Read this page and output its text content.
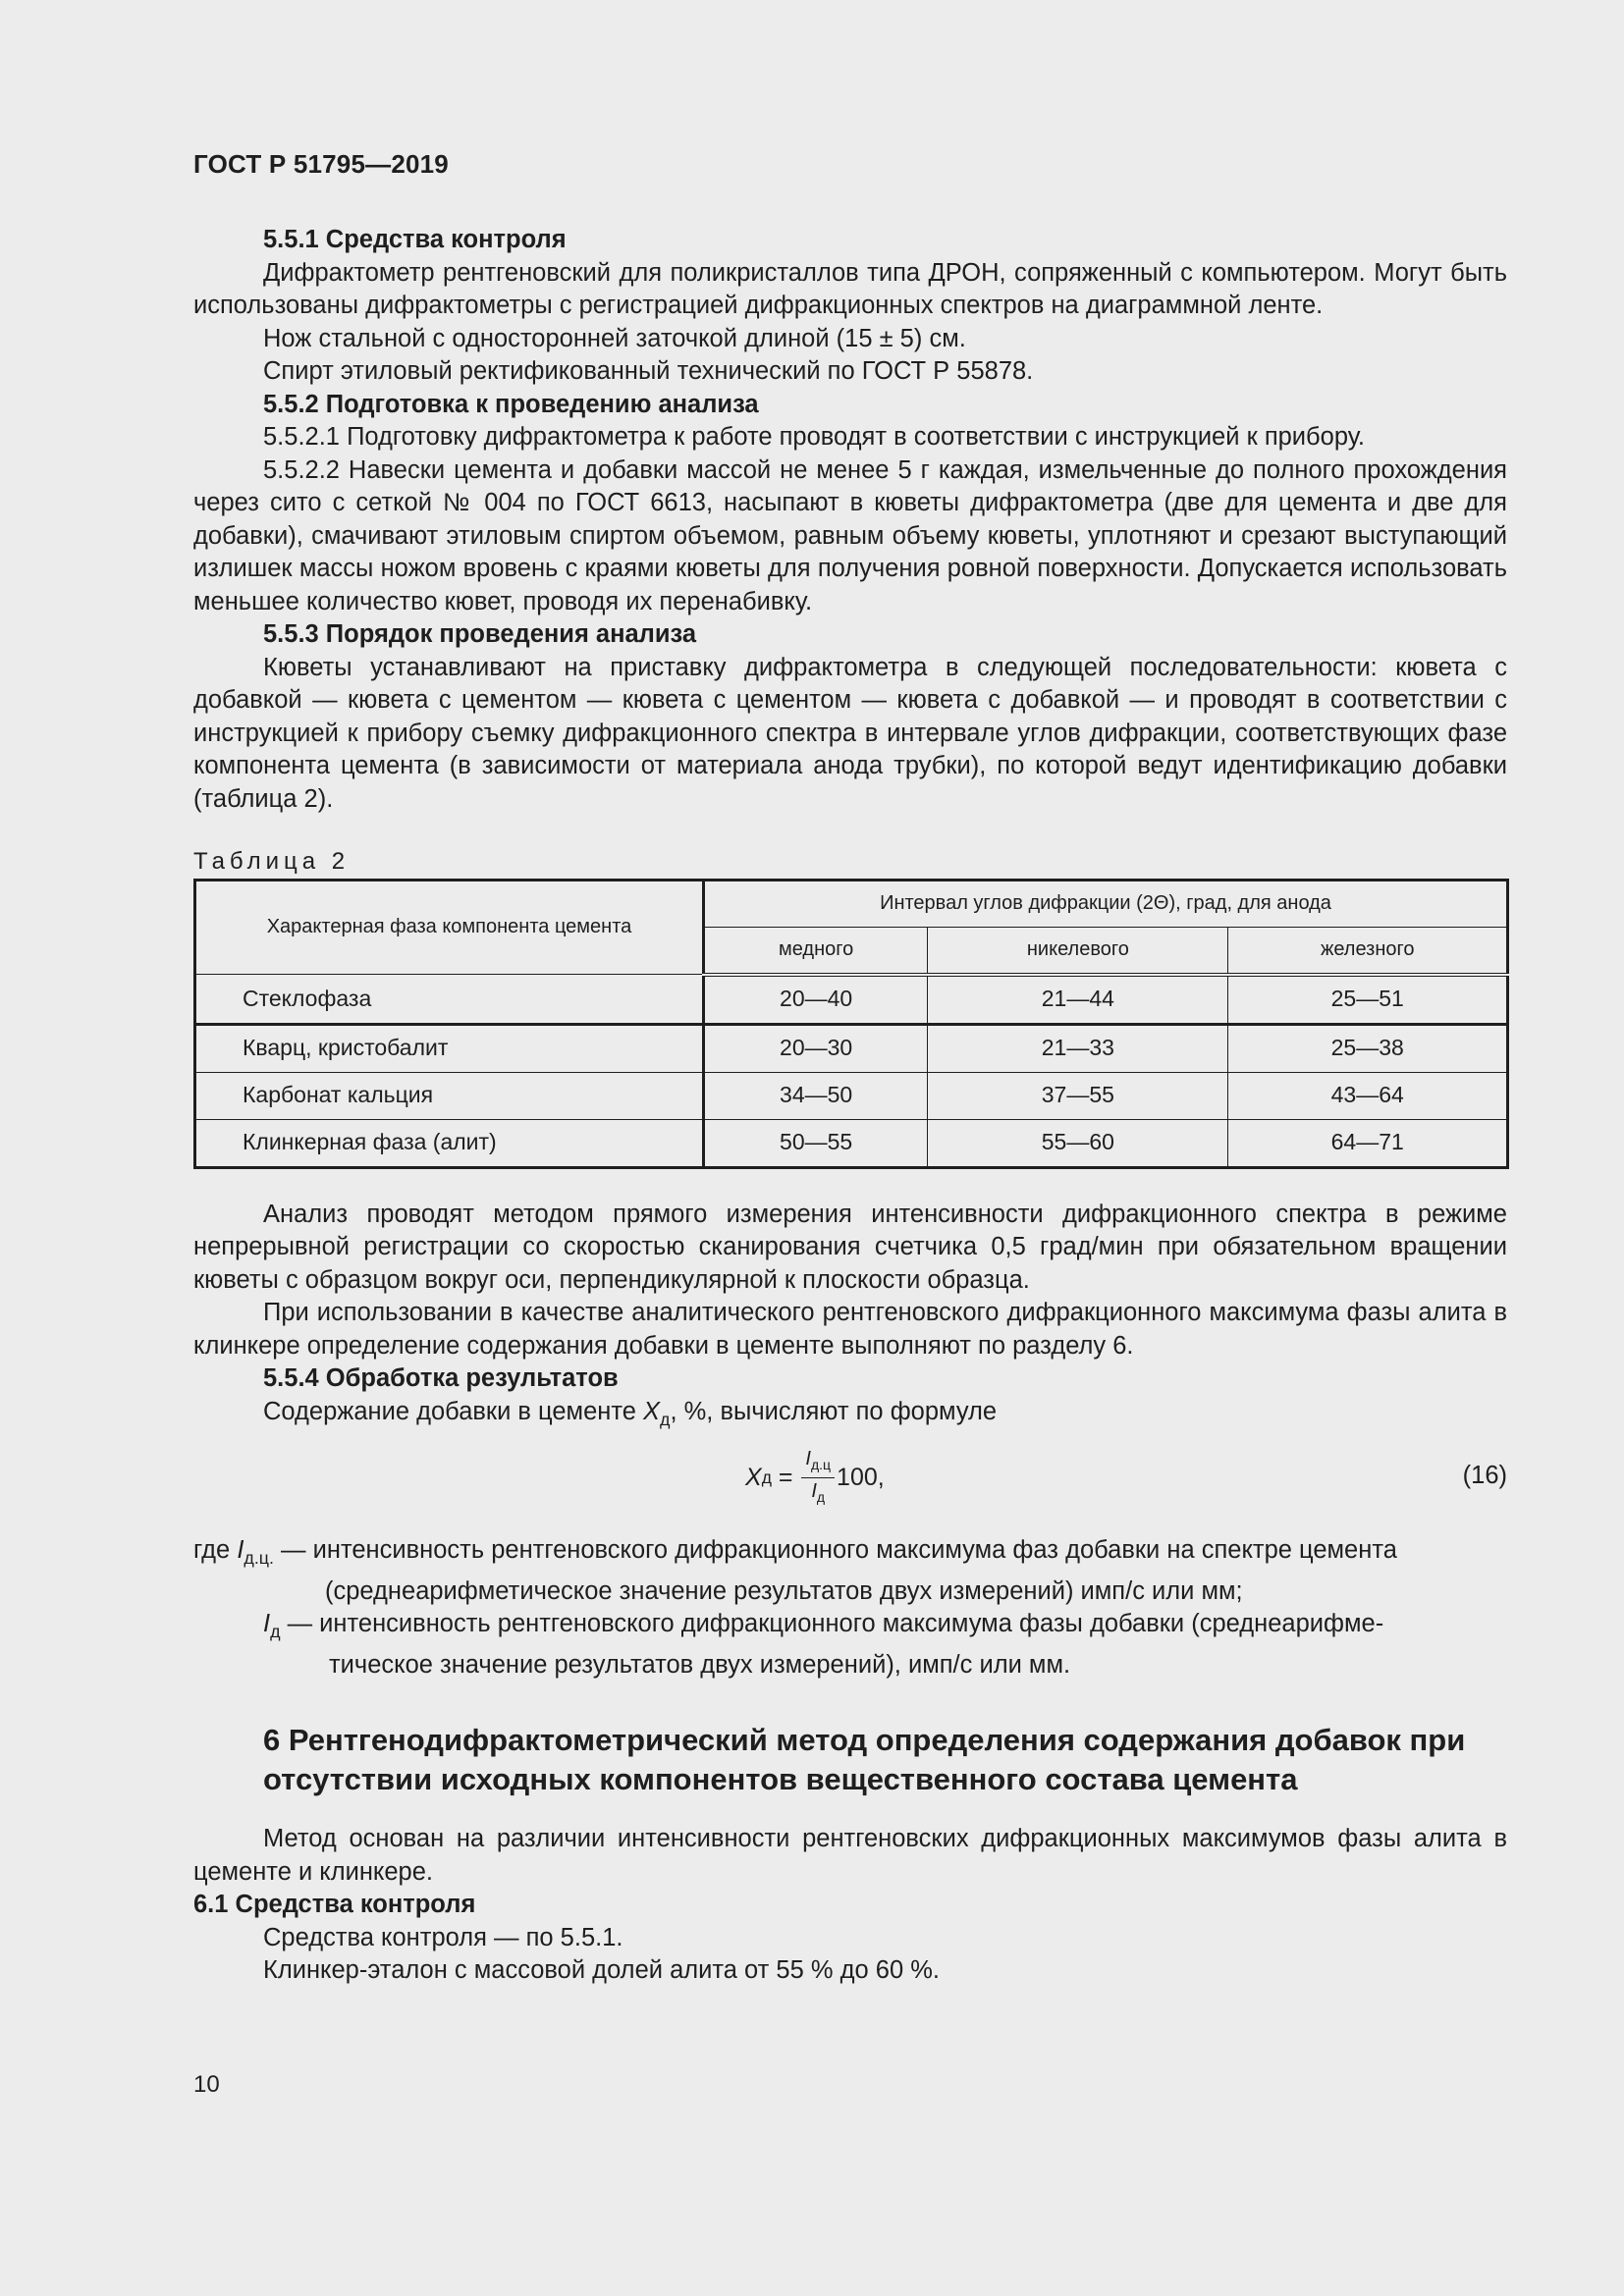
ГОСТ Р 51795—2019

5.5.1 Средства контроля

Дифрактометр рентгеновский для поликристаллов типа ДРОН, сопряженный с компьютером. Могут быть использованы дифрактометры с регистрацией дифракционных спектров на диаграммной ленте.

Нож стальной с односторонней заточкой длиной (15 ± 5) см.

Спирт этиловый ректификованный технический по ГОСТ Р 55878.

5.5.2 Подготовка к проведению анализа

5.5.2.1 Подготовку дифрактометра к работе проводят в соответствии с инструкцией к прибору.

5.5.2.2 Навески цемента и добавки массой не менее 5 г каждая, измельченные до полного прохождения через сито с сеткой № 004 по ГОСТ 6613, насыпают в кюветы дифрактометра (две для цемента и две для добавки), смачивают этиловым спиртом объемом, равным объему кюветы, уплотняют и срезают выступающий излишек массы ножом вровень с краями кюветы для получения ровной поверхности. Допускается использовать меньшее количество кювет, проводя их перенабивку.

5.5.3 Порядок проведения анализа

Кюветы устанавливают на приставку дифрактометра в следующей последовательности: кювета с добавкой — кювета с цементом — кювета с цементом — кювета с добавкой — и проводят в соответствии с инструкцией к прибору съемку дифракционного спектра в интервале углов дифракции, соответствующих фазе компонента цемента (в зависимости от материала анода трубки), по которой ведут идентификацию добавки (таблица 2).

Таблица 2

Характерная фаза компонента цемента	Интервал углов дифракции (2Θ), град, для анода		
	медного	никелевого	железного
Стеклофаза	20—40	21—44	25—51
Кварц, кристобалит	20—30	21—33	25—38
Карбонат кальция	34—50	37—55	43—64
Клинкерная фаза (алит)	50—55	55—60	64—71

Анализ проводят методом прямого измерения интенсивности дифракционного спектра в режиме непрерывной регистрации со скоростью сканирования счетчика 0,5 град/мин при обязательном вращении кюветы с образцом вокруг оси, перпендикулярной к плоскости образца.

При использовании в качестве аналитического рентгеновского дифракционного максимума фазы алита в клинкере определение содержания добавки в цементе выполняют по разделу 6.

5.5.4 Обработка результатов

Содержание добавки в цементе $X_д$, %, вычисляют по формуле

X $д = \frac{I_{д.ц}}{I_д} 100$,	(16)

где $I_{д.ц.}$ — интенсивность рентгеновского дифракционного максимума фаз добавки на спектре цемента

(среднеарифметическое значение результатов двух измерений) имп/с или мм;

$I_д$ — интенсивность рентгеновского дифракционного максимума фазы добавки (среднеарифме-

тическое значение результатов двух измерений), имп/с или мм.

6 Рентгенодифрактометрический метод определения содержания добавок при отсутствии исходных компонентов вещественного состава цемента

Метод основан на различии интенсивности рентгеновских дифракционных максимумов фазы алита в цементе и клинкере.

6.1 Средства контроля

Средства контроля — по 5.5.1.

Клинкер-эталон с массовой долей алита от 55 % до 60 %.

10
